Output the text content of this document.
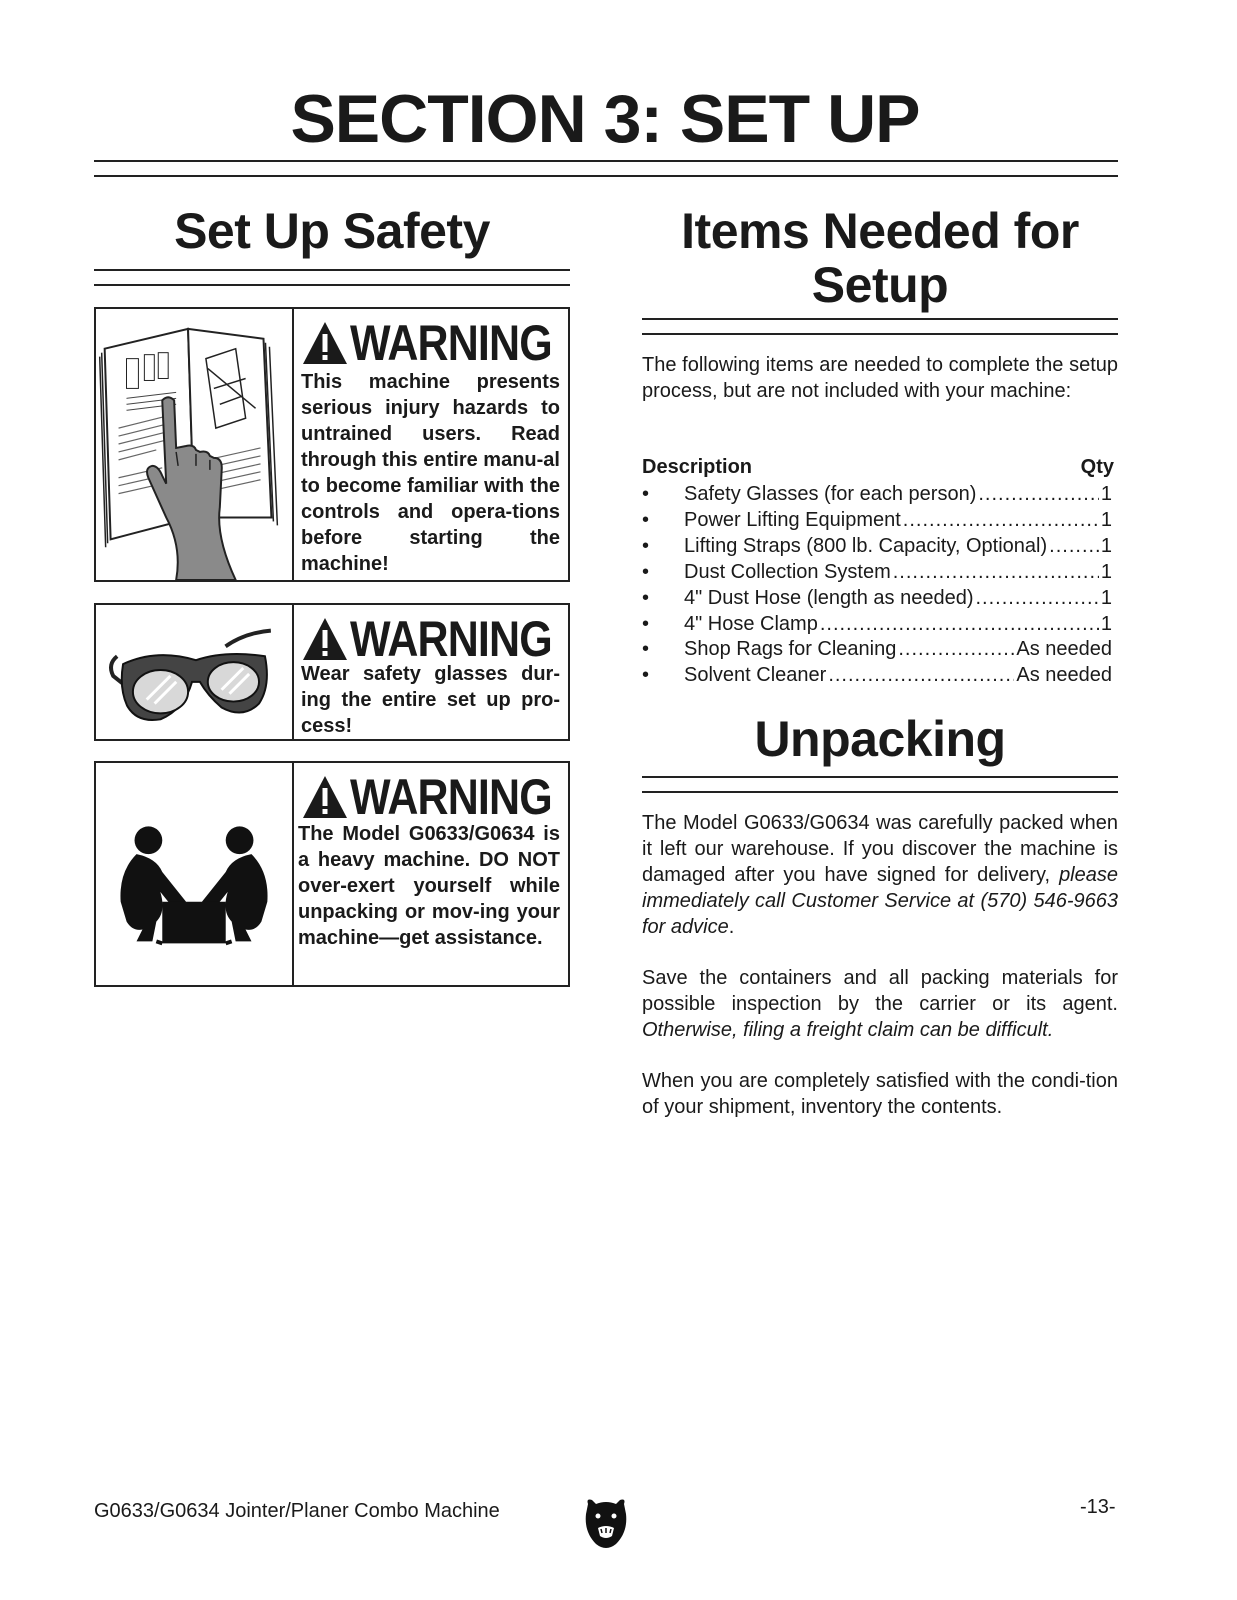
SECTION 3: SET UP
Set Up Safety
WARNING
This machine presents serious injury hazards to untrained users. Read through this entire manu-al to become familiar with the controls and opera-tions before starting the machine!
WARNING
Wear safety glasses dur-ing the entire set up pro-cess!
WARNING
The Model G0633/G0634 is a heavy machine. DO NOT over-exert yourself while unpacking or mov-ing your machine—get assistance.
Items Needed for
Setup
The following items are needed to complete the setup process, but are not included with your machine:
Description	Qty
•	Safety Glasses (for each person) .....	1
•	Power Lifting Equipment .....	1
•	Lifting Straps (800 lb. Capacity, Optional) .....	1
•	Dust Collection System .....	1
•	4" Dust Hose (length as needed) .....	1
•	4" Hose Clamp .....	1
•	Shop Rags for Cleaning .....	As needed
•	Solvent Cleaner .....	As needed
Unpacking

The Model G0633/G0634 was carefully packed when it left our warehouse. If you discover the machine is damaged after you have signed for delivery, please immediately call Customer Service at (570) 546-9663 for advice.

Save the containers and all packing materials for possible inspection by the carrier or its agent. Otherwise, filing a freight claim can be difficult.

When you are completely satisfied with the condi-tion of your shipment, inventory the contents.

G0633/G0634 Jointer/Planer Combo Machine	-13-
